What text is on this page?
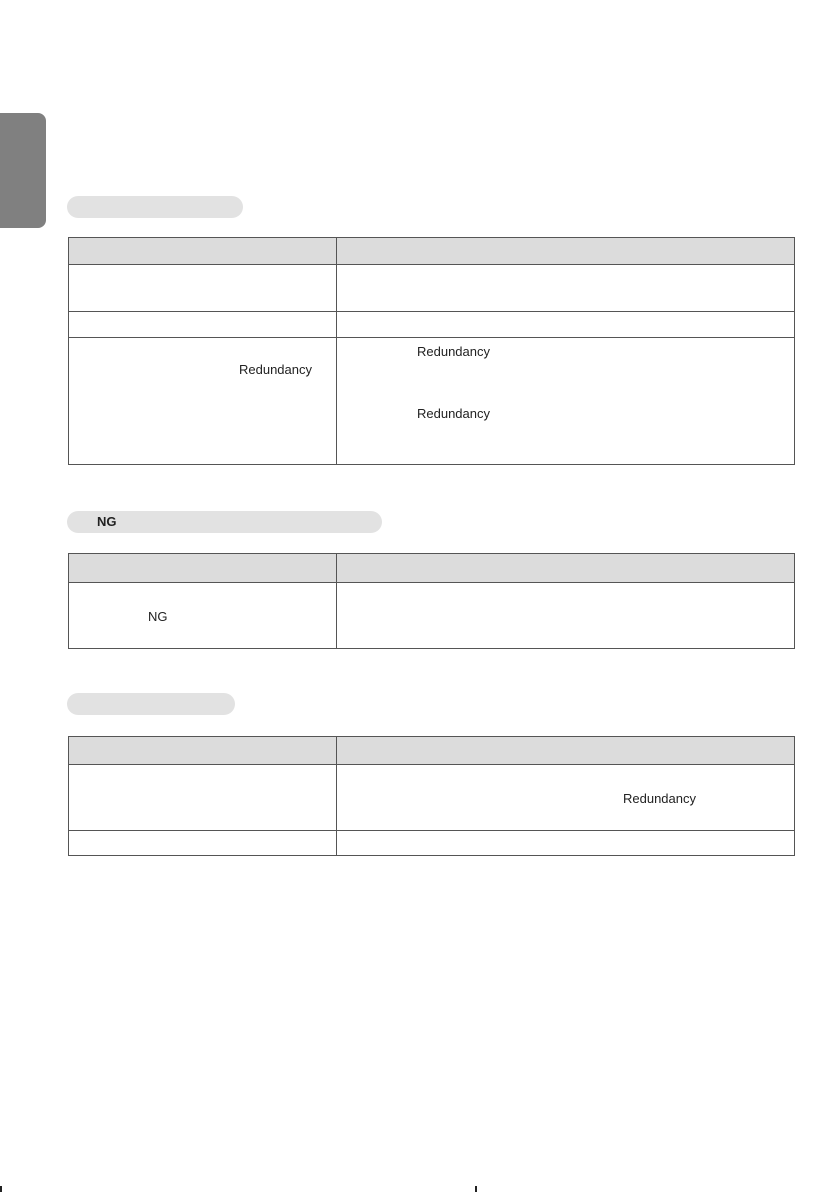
Redundancy	Redundancy
Redundancy
NG

NG	

	Redundancy
